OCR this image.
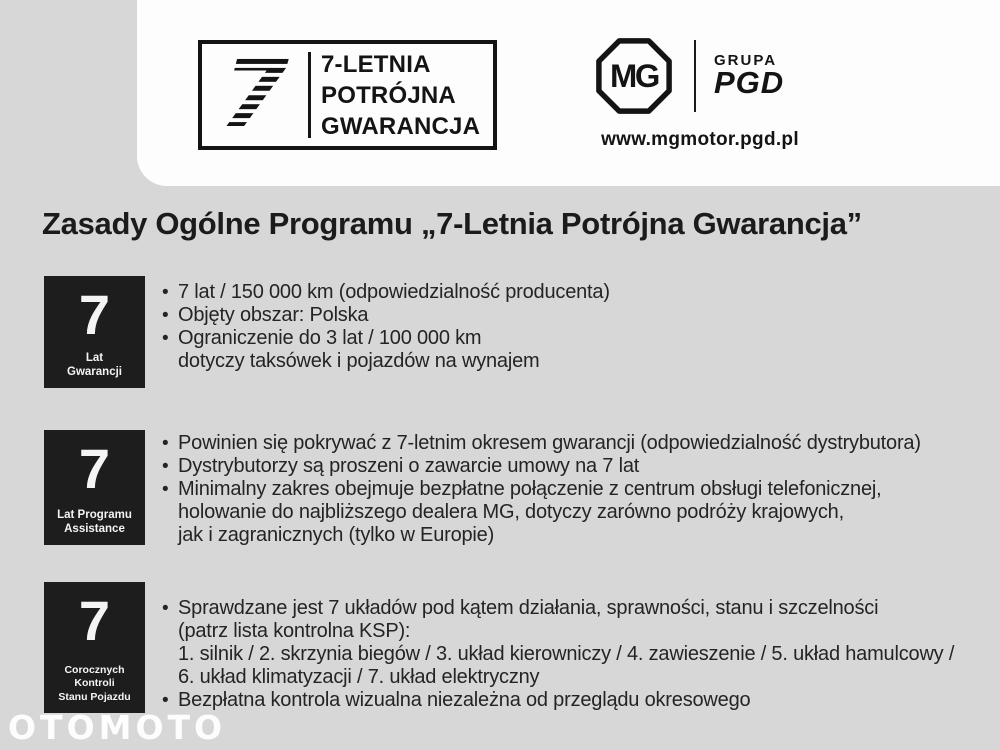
7	7-LETNIA
POTRÓJNA
GWARANCJA
MG	GRUPA
PGD
www.mgmotor.pgd.pl
Zasady Ogólne Programu „7-Letnia Potrójna Gwarancja”
7
Lat
Gwarancji
• 7 lat / 150 000 km (odpowiedzialność producenta)
• Objęty obszar: Polska
• Ograniczenie do 3 lat / 100 000 km
dotyczy taksówek i pojazdów na wynajem
7
Lat Programu
Assistance
• Powinien się pokrywać z 7-letnim okresem gwarancji (odpowiedzialność dystrybutora)
• Dystrybutorzy są proszeni o zawarcie umowy na 7 lat
• Minimalny zakres obejmuje bezpłatne połączenie z centrum obsługi telefonicznej,
holowanie do najbliższego dealera MG, dotyczy zarówno podróży krajowych,
jak i zagranicznych (tylko w Europie)
7
Corocznych Kontroli
Stanu Pojazdu
• Sprawdzane jest 7 układów pod kątem działania, sprawności, stanu i szczelności
(patrz lista kontrolna KSP):
1. silnik / 2. skrzynia biegów / 3. układ kierowniczy / 4. zawieszenie / 5. układ hamulcowy /
6. układ klimatyzacji / 7. układ elektryczny
• Bezpłatna kontrola wizualna niezależna od przeglądu okresowego
OTOMOTO
